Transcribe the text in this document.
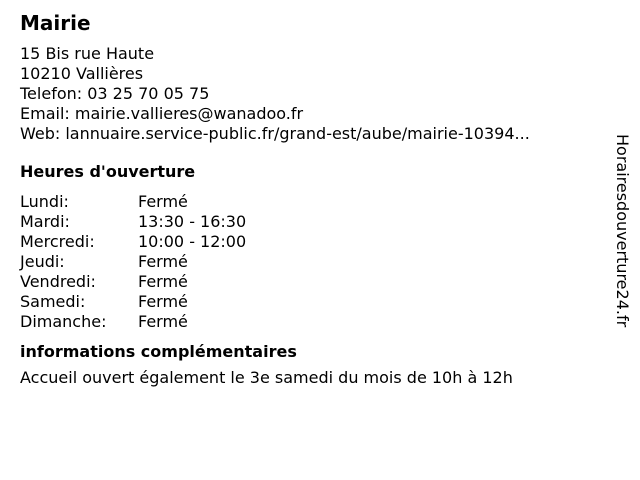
Mairie
15 Bis rue Haute
10210 Vallières
Telefon: 03 25 70 05 75
Email: mairie.vallieres@wanadoo.fr
Web: lannuaire.service-public.fr/grand-est/aube/mairie-10394...
Heures d'ouverture
Lundi:	Fermé
Mardi:	13:30 - 16:30
Mercredi:	10:00 - 12:00
Jeudi:	Fermé
Vendredi:	Fermé
Samedi:	Fermé
Dimanche: Fermé
informations complémentaires
Accueil ouvert également le 3e samedi du mois de 10h à 12h
Horairesdouverture24.fr
